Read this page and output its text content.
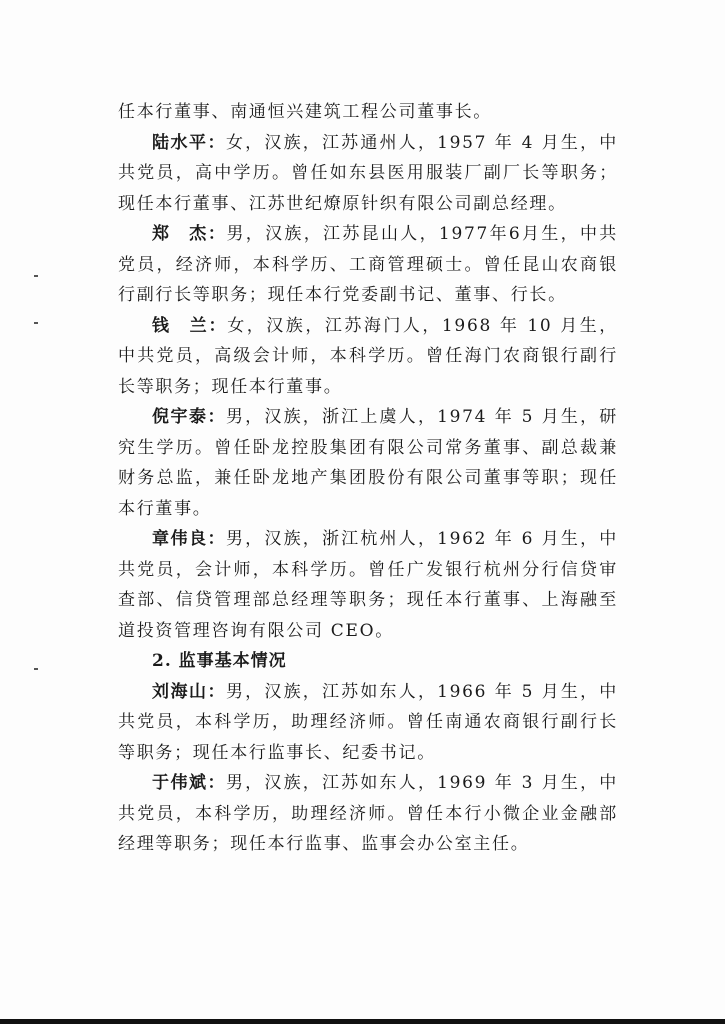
任本行董事、南通恒兴建筑工程公司董事长。

陆水平：女，汉族，江苏通州人，1957 年 4 月生，中共党员，高中学历。曾任如东县医用服装厂副厂长等职务；现任本行董事、江苏世纪燎原针织有限公司副总经理。

郑　杰：男，汉族，江苏昆山人，1977年6月生，中共党员，经济师，本科学历、工商管理硕士。曾任昆山农商银行副行长等职务；现任本行党委副书记、董事、行长。

钱　兰：女，汉族，江苏海门人，1968 年 10 月生，中共党员，高级会计师，本科学历。曾任海门农商银行副行长等职务；现任本行董事。

倪宇泰：男，汉族，浙江上虞人，1974 年 5 月生，研究生学历。曾任卧龙控股集团有限公司常务董事、副总裁兼财务总监，兼任卧龙地产集团股份有限公司董事等职；现任本行董事。

章伟良：男，汉族，浙江杭州人，1962 年 6 月生，中共党员，会计师，本科学历。曾任广发银行杭州分行信贷审查部、信贷管理部总经理等职务；现任本行董事、上海融至道投资管理咨询有限公司 CEO。

2. 监事基本情况

刘海山：男，汉族，江苏如东人，1966 年 5 月生，中共党员，本科学历，助理经济师。曾任南通农商银行副行长等职务；现任本行监事长、纪委书记。

于伟斌：男，汉族，江苏如东人，1969 年 3 月生，中共党员，本科学历，助理经济师。曾任本行小微企业金融部经理等职务；现任本行监事、监事会办公室主任。
